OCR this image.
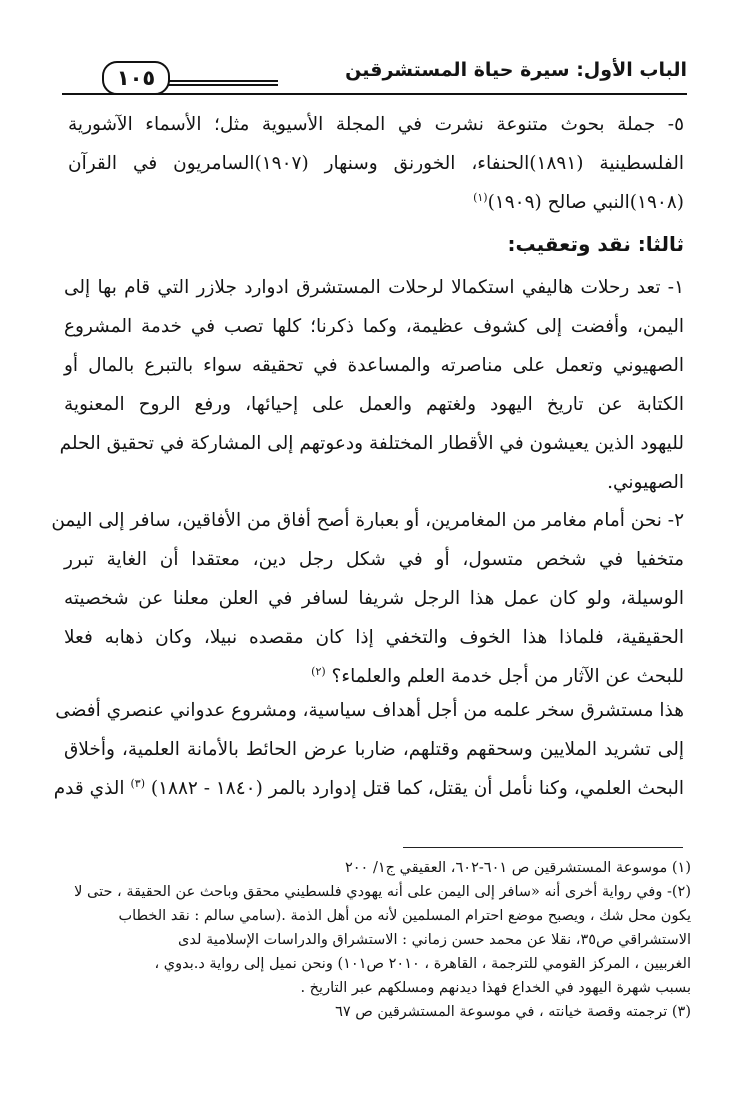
١٠٥	الباب الأول: سيرة حياة المستشرقين
٥- جملة بحوث متنوعة نشرت في المجلة الأسيوية مثل؛ الأسماء الآشورية
الفلسطينية (١٨٩١)الحنفاء، الخورنق وسنهار (١٩٠٧)السامريون في القرآن
(١٩٠٨)النبي صالح (١٩٠٩)$^{(١)}$
ثالثا: نقد وتعقيب:
١- تعد رحلات هاليفي استكمالا لرحلات المستشرق ادوارد جلازر التي قام بها إلى
اليمن، وأفضت إلى كشوف عظيمة، وكما ذكرنا؛ كلها تصب في خدمة المشروع
الصهيوني وتعمل على مناصرته والمساعدة في تحقيقه سواء بالتبرع بالمال أو
الكتابة عن تاريخ اليهود ولغتهم والعمل على إحيائها، ورفع الروح المعنوية
لليهود الذين يعيشون في الأقطار المختلفة ودعوتهم إلى المشاركة في تحقيق الحلم
الصهيوني.
٢- نحن أمام مغامر من المغامرين، أو بعبارة أصح أفاق من الأفاقين، سافر إلى اليمن
متخفيا في شخص متسول، أو في شكل رجل دين، معتقدا أن الغاية تبرر
الوسيلة، ولو كان عمل هذا الرجل شريفا لسافر في العلن معلنا عن شخصيته
الحقيقية، فلماذا هذا الخوف والتخفي إذا كان مقصده نبيلا، وكان ذهابه فعلا
للبحث عن الآثار من أجل خدمة العلم والعلماء؟ $^{(٢)}$
هذا مستشرق سخر علمه من أجل أهداف سياسية، ومشروع عدواني عنصري أفضى
إلى تشريد الملايين وسحقهم وقتلهم، ضاربا عرض الحائط بالأمانة العلمية، وأخلاق
البحث العلمي، وكنا نأمل أن يقتل، كما قتل إدوارد بالمر (١٨٤٠ - ١٨٨٢) $^{(٣)}$ الذي قدم
(١) موسوعة المستشرقين ص ٦٠١-٦٠٢، العقيقي ج١/ ٢٠٠
(٢)- وفي رواية أخرى أنه «سافر إلى اليمن على أنه يهودي فلسطيني محقق وباحث عن الحقيقة ، حتى لا
يكون محل شك ، ويصبح موضع احترام المسلمين لأنه من أهل الذمة .(سامي سالم : نقد الخطاب
الاستشراقي ص٣٥، نقلا عن محمد حسن زماني : الاستشراق والدراسات الإسلامية لدى
الغربيين ، المركز القومي للترجمة ، القاهرة ، ٢٠١٠ ص١٠١) ونحن نميل إلى رواية د.بدوي ،
بسبب شهرة اليهود في الخداع فهذا ديدنهم ومسلكهم عبر التاريخ .
(٣) ترجمته وقصة خيانته ، في موسوعة المستشرقين ص ٦٧
